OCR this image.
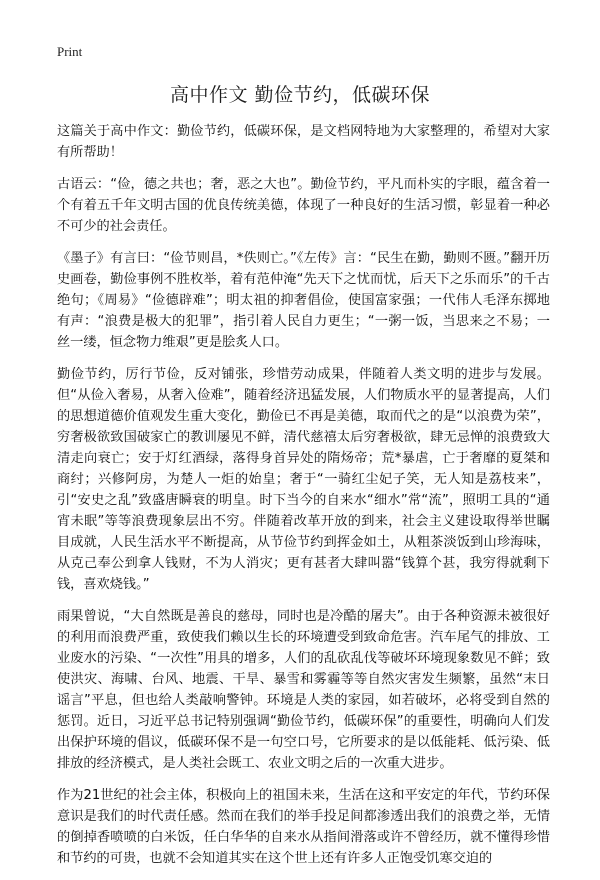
Print
高中作文 勤俭节约，低碳环保

这篇关于高中作文：勤俭节约，低碳环保，是文档网特地为大家整理的，希望对大家有所帮助！

古语云：“俭，德之共也；奢，恶之大也”。勤俭节约，平凡而朴实的字眼，蕴含着一个有着五千年文明古国的优良传统美德，体现了一种良好的生活习惯，彰显着一种必不可少的社会责任。

《墨子》有言曰：“俭节则昌，*佚则亡。”《左传》言：“民生在勤，勤则不匮。”翻开历史画卷，勤俭事例不胜枚举，着有范仲淹“先天下之忧而忧，后天下之乐而乐”的千古绝句；《周易》“俭德辟难”；明太祖的抑奢倡俭，使国富家强；一代伟人毛泽东掷地有声：“浪费是极大的犯罪”，指引着人民自力更生；“一粥一饭，当思来之不易；一丝一缕，恒念物力维艰”更是脍炙人口。

勤俭节约，厉行节俭，反对铺张，珍惜劳动成果，伴随着人类文明的进步与发展。但“从俭入奢易，从奢入俭难”，随着经济迅猛发展，人们物质水平的显著提高，人们的思想道德价值观发生重大变化，勤俭已不再是美德，取而代之的是“以浪费为荣”，穷奢极欲致国破家亡的教训屡见不鲜，清代慈禧太后穷奢极欲，肆无忌惮的浪费致大清走向衰亡；安于灯红酒绿，落得身首异处的隋炀帝；荒*暴虐，亡于奢靡的夏桀和商纣；兴修阿房，为楚人一炬的始皇；奢于“一骑红尘妃子笑，无人知是荔枝来”，引“安史之乱”致盛唐瞬衰的明皇。时下当今的自来水“细水”常“流”，照明工具的“通宵未眠”等等浪费现象层出不穷。伴随着改革开放的到来，社会主义建设取得举世瞩目成就，人民生活水平不断提高，从节俭节约到挥金如土，从粗茶淡饭到山珍海味，从克己奉公到拿人钱财，不为人消灾；更有甚者大肆叫嚣“钱算个甚，我穷得就剩下钱，喜欢烧钱。”

雨果曾说，“大自然既是善良的慈母，同时也是冷酷的屠夫”。由于各种资源未被很好的利用而浪费严重，致使我们赖以生长的环境遭受到致命危害。汽车尾气的排放、工业废水的污染、“一次性”用具的增多，人们的乱砍乱伐等破坏环境现象数见不鲜；致使洪灾、海啸、台风、地震、干旱、暴雪和雾霾等等自然灾害发生频繁，虽然“末日谣言”平息，但也给人类敲响警钟。环境是人类的家园，如若破坏，必将受到自然的惩罚。近日，习近平总书记特别强调“勤俭节约，低碳环保”的重要性，明确向人们发出保护环境的倡议，低碳环保不是一句空口号，它所要求的是以低能耗、低污染、低排放的经济模式，是人类社会既工、农业文明之后的一次重大进步。

作为21世纪的社会主体，积极向上的祖国未来，生活在这和平安定的年代，节约环保意识是我们的时代责任感。然而在我们的举手投足间都渗透出我们的浪费之举，无情的倒掉香喷喷的白米饭，任白华华的自来水从指间滑落或许不曾经历，就不懂得珍惜和节约的可贵，也就不会知道其实在这个世上还有许多人正饱受饥寒交迫的
